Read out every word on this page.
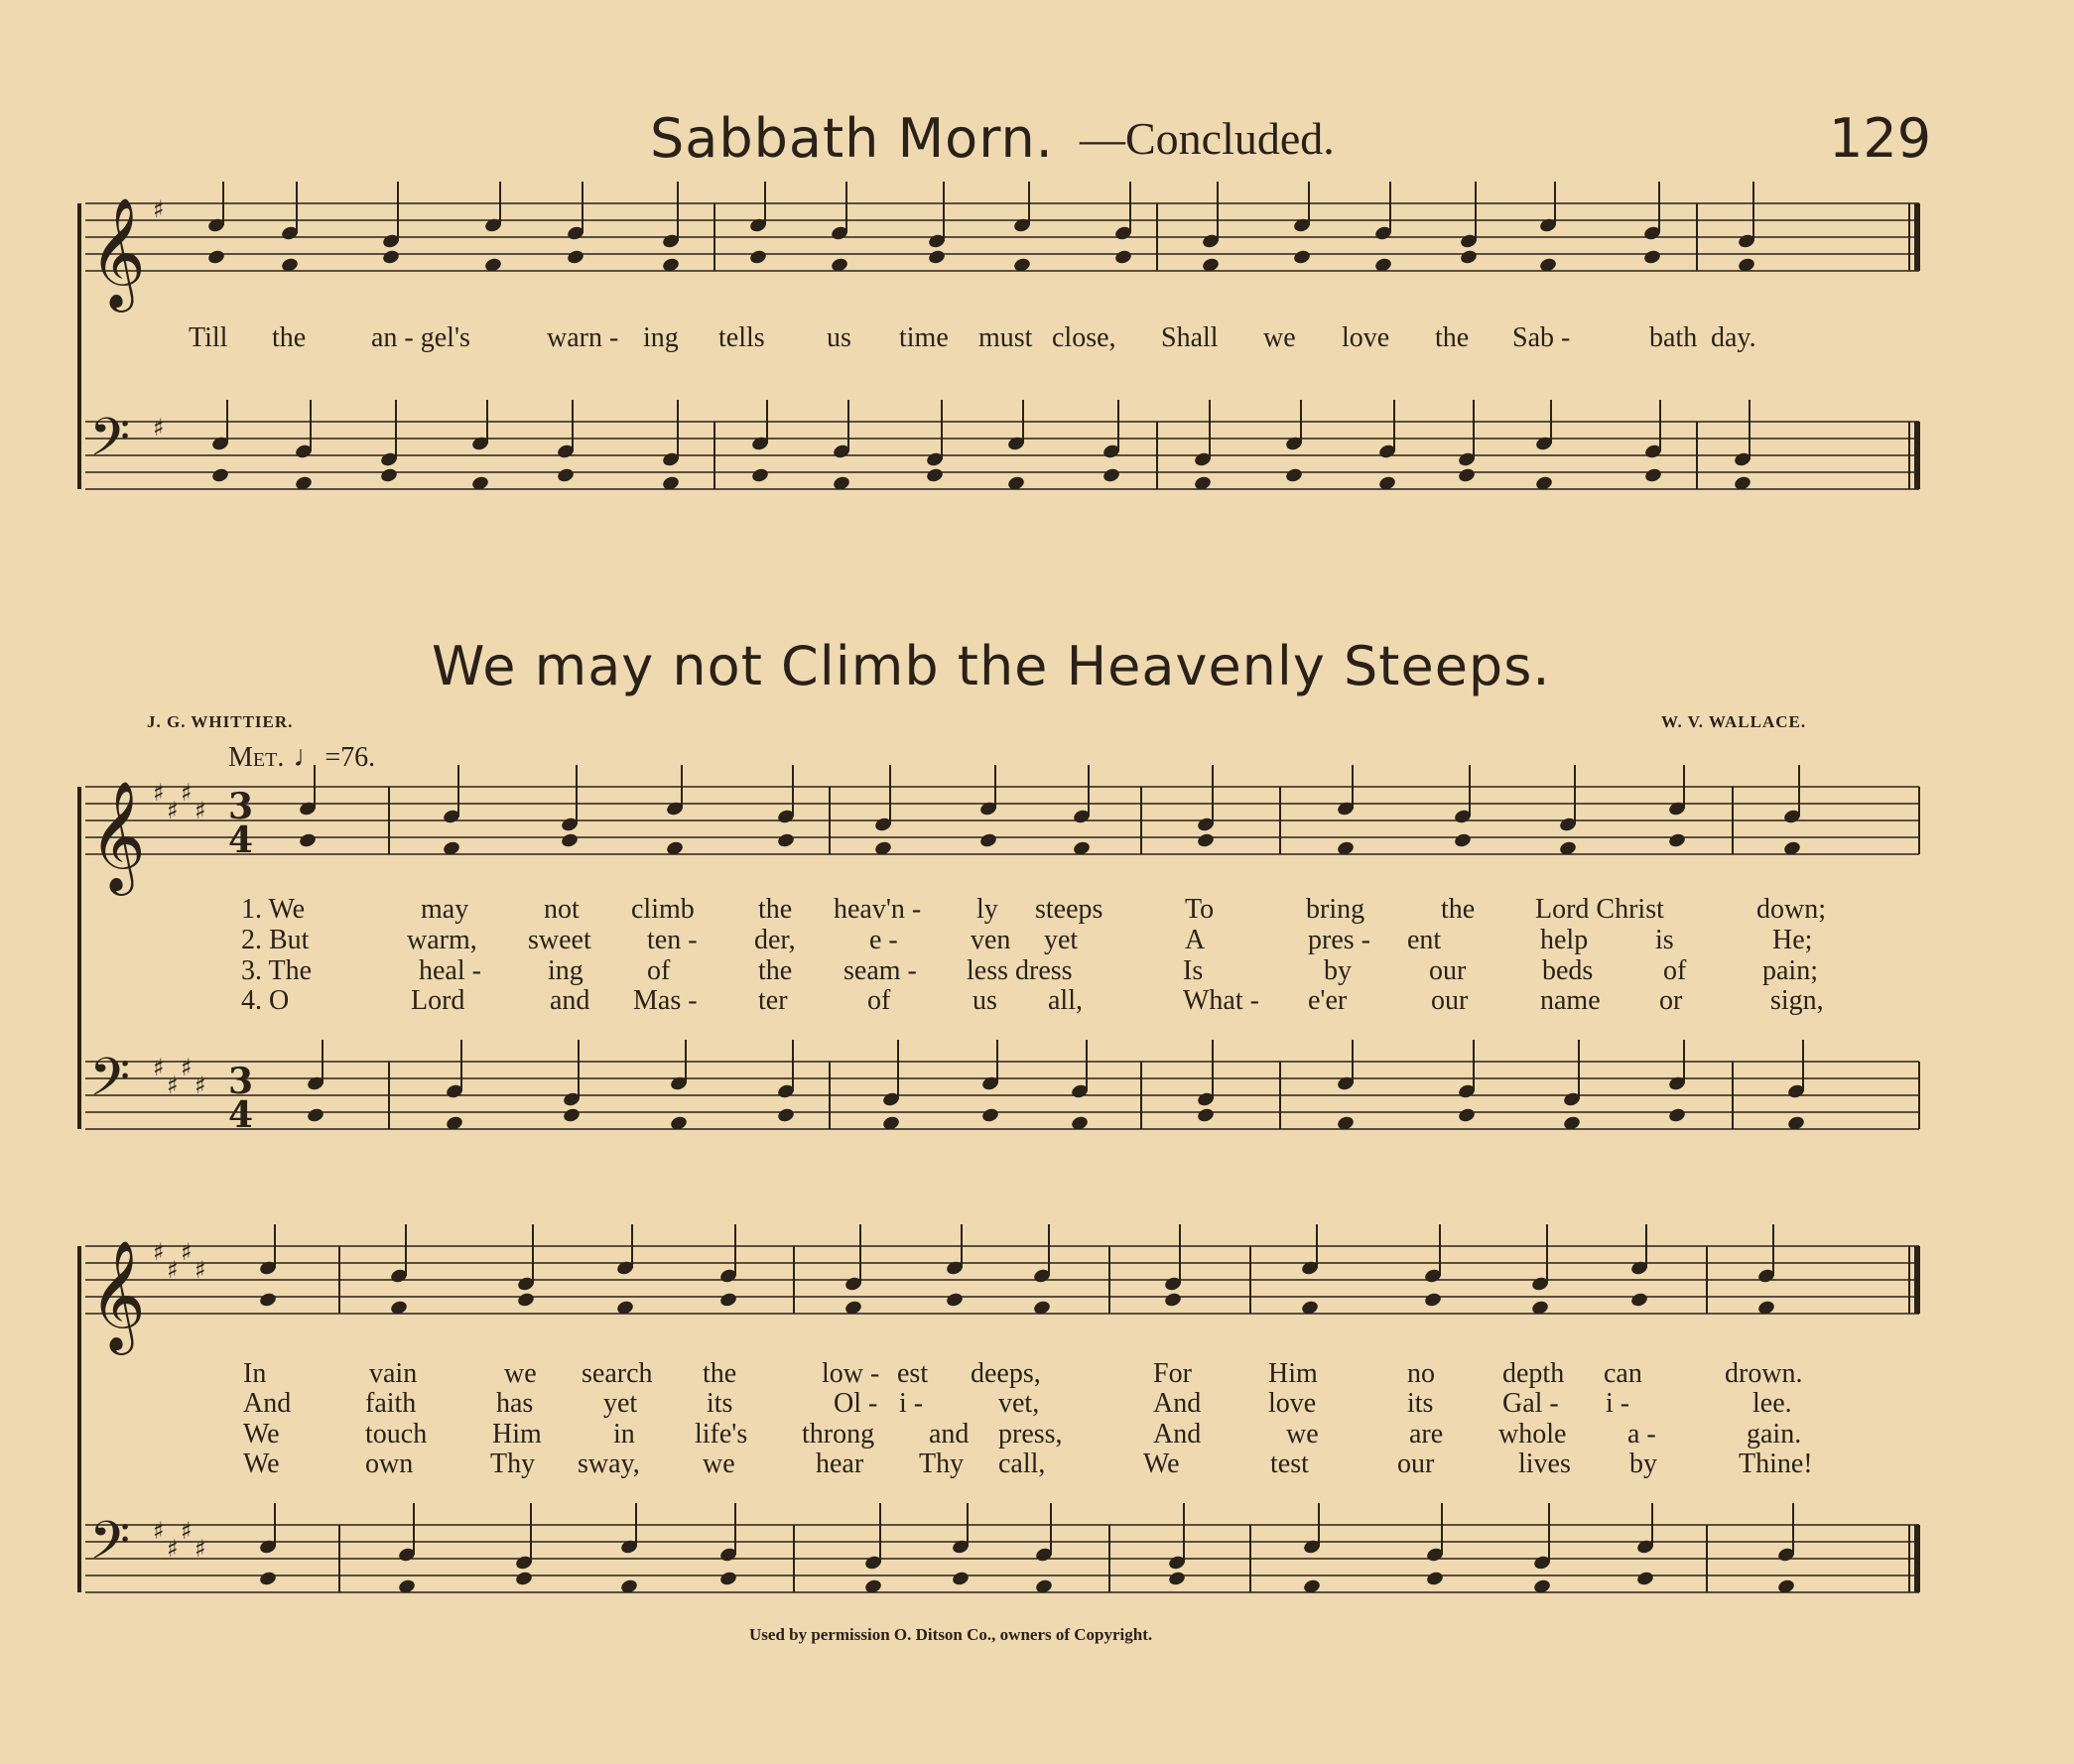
𝄞 ♯
𝄢 ♯
𝄞 ♯
♯
♯
♯
𝄢 ♯
♯
♯
♯
𝄞 ♯
♯
♯
♯
𝄢 ♯
♯
♯
♯
3
4
3
4
Sabbath Morn. —Concluded.	129
Till the an - gel's	warn - ing tells us time must close, Shall we love the Sab -	bath day.
We may not Climb the Heavenly Steeps.
J. G. WHITTIER.	W. V. WALLACE.
Met. ♩=76.
1. We	may	not climb the heav'n - ly steeps	To	bring	the Lord Christ	down;
2. But	warm, sweet ten - der,	e -	ven yet	A	pres - ent	help is	He;
3. The	heal - ing of	the seam - less dress	Is	by	our	beds	of	pain;
4. O	Lord	and Mas - ter	of	us all,	What - e'er	our	name or	sign,
In	vain	we search the	low - est deeps,	For	Him	no depth can	drown.
And	faith	has	yet its	Ol - i -	vet,	And love	its Gal - i -	lee.
We	touch Him	in life's throng and press,	And	we	are whole a -	gain.
We	own	Thy sway, we	hear Thy call,	We	test	our	lives by	Thine!
Used by permission O. Ditson Co., owners of Copyright.
